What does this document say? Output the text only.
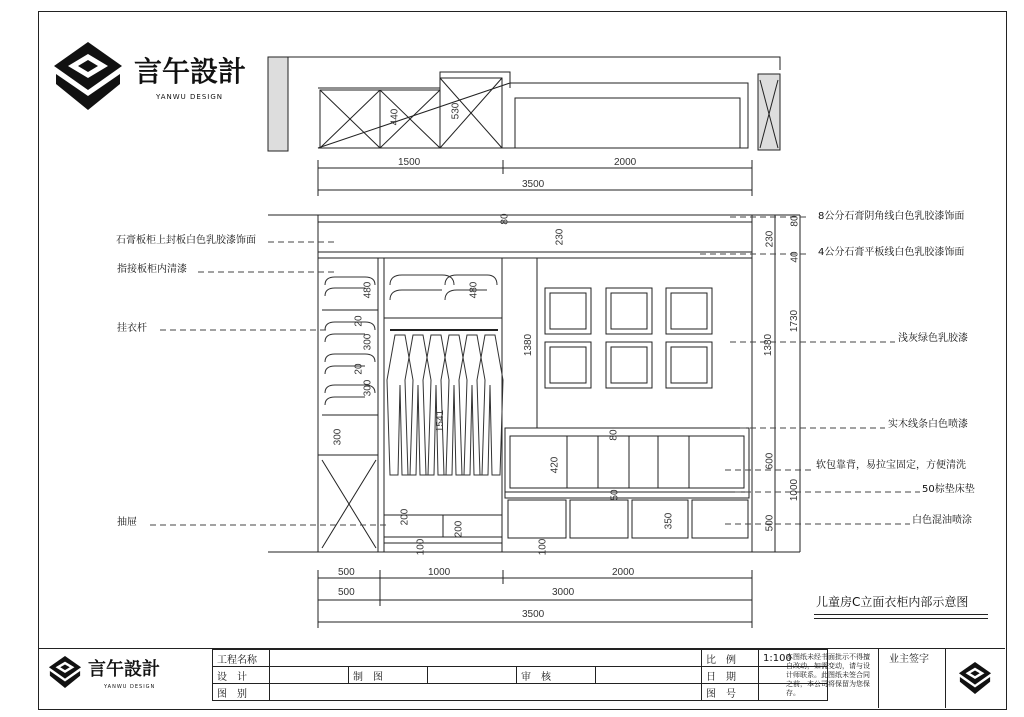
言午設計
YANWU DESIGN
1500	2000
3500
440	530
石膏板柜上封板白色乳胶漆饰面
指接板柜内清漆
挂衣杆
抽屉
8公分石膏阴角线白色乳胶漆饰面
4公分石膏平板线白色乳胶漆饰面
浅灰绿色乳胶漆
实木线条白色喷漆
软包靠背，易拉宝固定，方便清洗
50棕垫床垫
白色混油喷涂
80
230
480	480
20
300
20
300
300
1541
1380
420
80
50
350
100
200
200
100
80
230
40
1380
1730
600
1000
500
500	1000	2000
500	3000
3500
儿童房C立面衣柜内部示意图
言午設計
YANWU DESIGN
工程名称						比　例	1:100
设　计		制　图		审　核		日　期	
图　别						图　号	
本图纸未经书面批示不得擅自改动，如需变动，请与设计师联系。此图纸未签合同之前，本公司将保留为您保存。
业主签字
